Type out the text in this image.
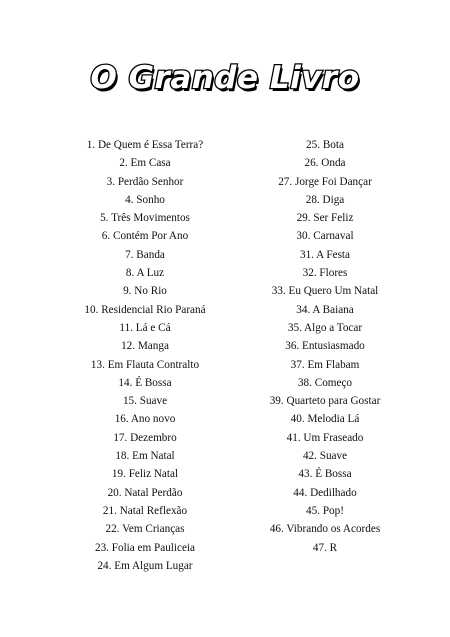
O Grande Livro
1. De Quem é Essa Terra?
2. Em Casa
3. Perdão Senhor
4. Sonho
5. Três Movimentos
6. Contém Por Ano
7. Banda
8. A Luz
9. No Rio
10. Residencial Rio Paraná
11. Lá e Cá
12. Manga
13. Em Flauta Contralto
14. É Bossa
15. Suave
16. Ano novo
17. Dezembro
18. Em Natal
19. Feliz Natal
20. Natal Perdão
21. Natal Reflexão
22. Vem Crianças
23. Folia em Pauliceia
24. Em Algum Lugar
25. Bota
26. Onda
27. Jorge Foi Dançar
28. Diga
29. Ser Feliz
30. Carnaval
31. A Festa
32. Flores
33. Eu Quero Um Natal
34. A Baiana
35. Algo a Tocar
36. Entusiasmado
37. Em Flabam
38. Começo
39. Quarteto para Gostar
40. Melodia Lá
41. Um Fraseado
42. Suave
43. É Bossa
44. Dedilhado
45. Pop!
46. Vibrando os Acordes
47. R
